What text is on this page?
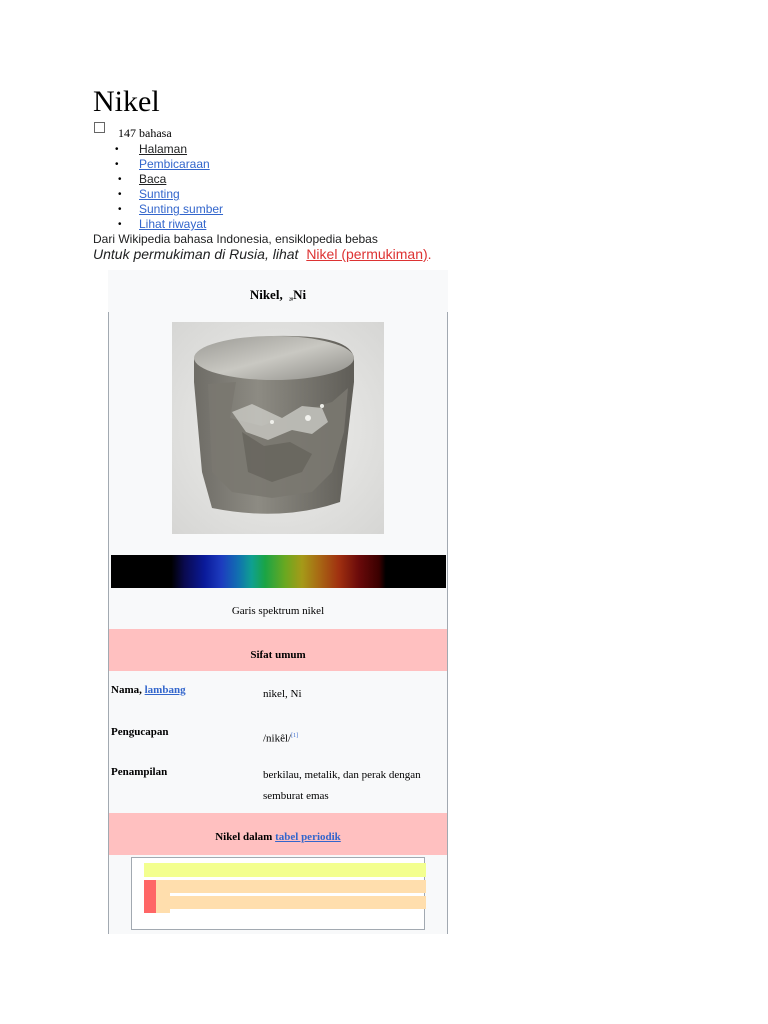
Nikel
147 bahasa
• Halaman
• Pembicaraan
• Baca
• Sunting
• Sunting sumber
• Lihat riwayat
Dari Wikipedia bahasa Indonesia, ensiklopedia bebas
Untuk permukiman di Rusia, lihat Nikel (permukiman).
Nikel, ₂₈Ni
Garis spektrum nikel
Sifat umum
Nama, lambang	nikel, Ni
Pengucapan
/nikêl/[1]
Penampilan	berkilau, metalik, dan perak dengan semburat emas
Nikel dalam tabel periodik
